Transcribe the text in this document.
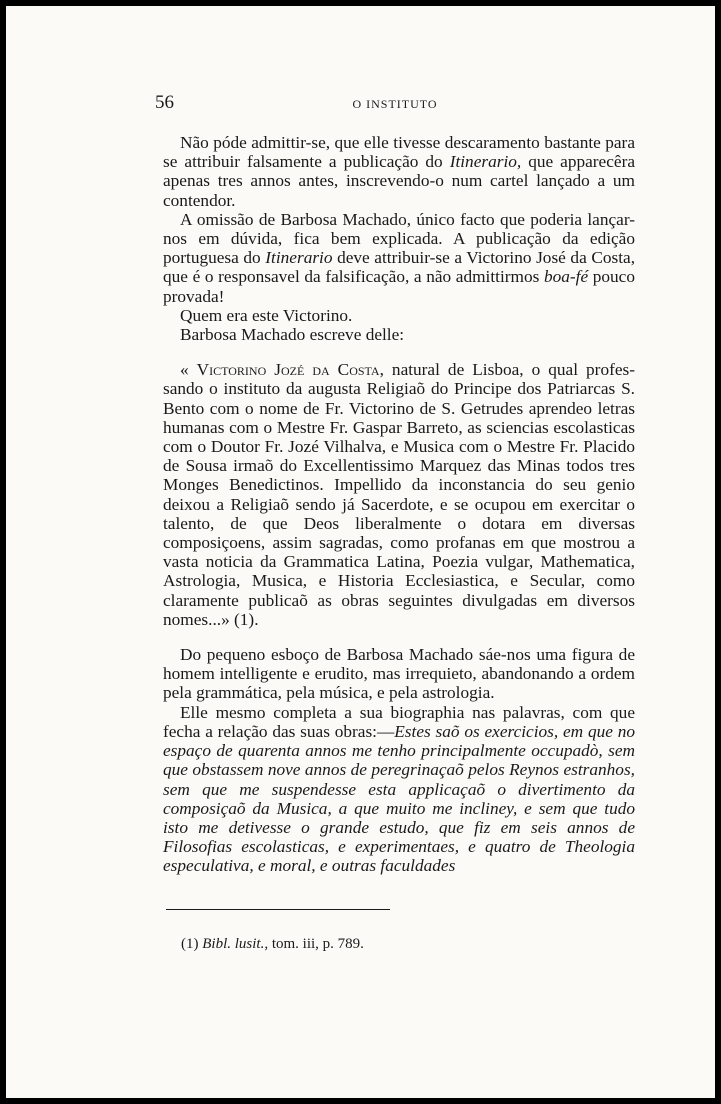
56	O INSTITUTO

Não póde admittir-se, que elle tivesse descaramento bastante para se attribuir falsamente a publicação do Itinerario, que apparecêra apenas tres annos antes, inscrevendo-o num cartel lançado a um contendor.

A omissão de Barbosa Machado, único facto que poderia lançar-nos em dúvida, fica bem explicada. A publicação da edição portuguesa do Itinerario deve attribuir-se a Victorino José da Costa, que é o responsavel da falsificação, a não admittirmos boa-fé pouco provada!

Quem era este Victorino.

Barbosa Machado escreve delle:

« Victorino Jozé da Costa, natural de Lisboa, o qual profes- sando o instituto da augusta Religiaõ do Principe dos Patriarcas S. Bento com o nome de Fr. Victorino de S. Getrudes aprendeo letras humanas com o Mestre Fr. Gaspar Barreto, as sciencias escolasticas com o Doutor Fr. Jozé Vilhalva, e Musica com o Mestre Fr. Placido de Sousa irmaõ do Excellentissimo Marquez das Minas todos tres Monges Benedictinos. Impellido da inconstancia do seu genio deixou a Religiaõ sendo já Sacerdote, e se ocupou em exercitar o talento, de que Deos liberalmente o dotara em diversas composiçoens, assim sagradas, como profanas em que mostrou a vasta noticia da Grammatica Latina, Poezia vulgar, Mathematica, Astrologia, Musica, e Historia Ecclesiastica, e Secular, como claramente publicaõ as obras seguintes divulgadas em diversos nomes...» (1).

Do pequeno esboço de Barbosa Machado sáe-nos uma figura de homem intelligente e erudito, mas irrequieto, abandonando a ordem pela grammática, pela música, e pela astrologia.

Elle mesmo completa a sua biographia nas palavras, com que fecha a relação das suas obras:—Estes saõ os exercicios, em que no espaço de quarenta annos me tenho principalmente occupadò, sem que obstassem nove annos de peregrinaçaõ pelos Reynos estranhos, sem que me suspendesse esta applicaçaõ o divertimento da composiçaõ da Musica, a que muito me incliney, e sem que tudo isto me detivesse o grande estudo, que fiz em seis annos de Filosofias escolasticas, e experimentaes, e quatro de Theologia especulativa, e moral, e outras faculdades

(1) Bibl. lusit., tom. iii, p. 789.
